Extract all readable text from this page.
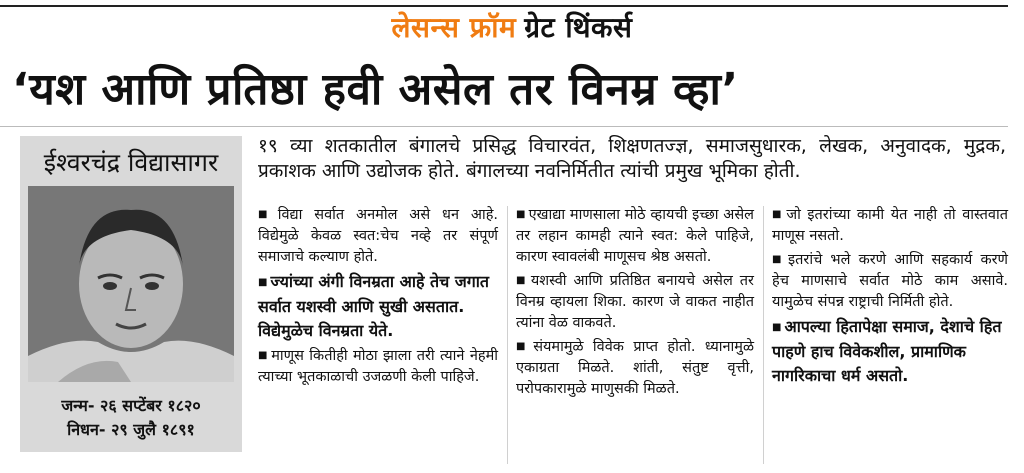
लेसन्स फ्रॉम ग्रेट थिंकर्स
‘यश आणि प्रतिष्ठा हवी असेल तर विनम्र व्हा’
ईश्वरचंद्र विद्यासागर
जन्म- २६ सप्टेंबर १८२०
निधन- २९ जुलै १८९१
१९ व्या शतकातील बंगालचे प्रसिद्ध विचारवंत, शिक्षणतज्ज्ञ, समाजसुधारक, लेखक, अनुवादक, मुद्रक, प्रकाशक आणि उद्योजक होते. बंगालच्या नवनिर्मितीत त्यांची प्रमुख भूमिका होती.

■ विद्या सर्वात अनमोल असे धन आहे. विद्येमुळे केवळ स्वत:चेच नव्हे तर संपूर्ण समाजाचे कल्याण होते.

■ ज्यांच्या अंगी विनम्रता आहे तेच जगात सर्वात यशस्वी आणि सुखी असतात. विद्येमुळेच विनम्रता येते.

■ माणूस कितीही मोठा झाला तरी त्याने नेहमी त्याच्या भूतकाळाची उजळणी केली पाहिजे.

■ एखाद्या माणसाला मोठे व्हायची इच्छा असेल तर लहान कामही त्याने स्वत: केले पाहिजे, कारण स्वावलंबी माणूसच श्रेष्ठ असतो.

■ यशस्वी आणि प्रतिष्ठित बनायचे असेल तर विनम्र व्हायला शिका. कारण जे वाकत नाहीत त्यांना वेळ वाकवते.

■ संयमामुळे विवेक प्राप्त होतो. ध्यानामुळे एकाग्रता मिळते. शांती, संतुष्ट वृत्ती, परोपकारामुळे माणुसकी मिळते.

■ जो इतरांच्या कामी येत नाही तो वास्तवात माणूस नसतो.

■ इतरांचे भले करणे आणि सहकार्य करणे हेच माणसाचे सर्वात मोठे काम असावे. यामुळेच संपन्न राष्ट्राची निर्मिती होते.

■ आपल्या हितापेक्षा समाज, देशाचे हित पाहणे हाच विवेकशील, प्रामाणिक नागरिकाचा धर्म असतो.
